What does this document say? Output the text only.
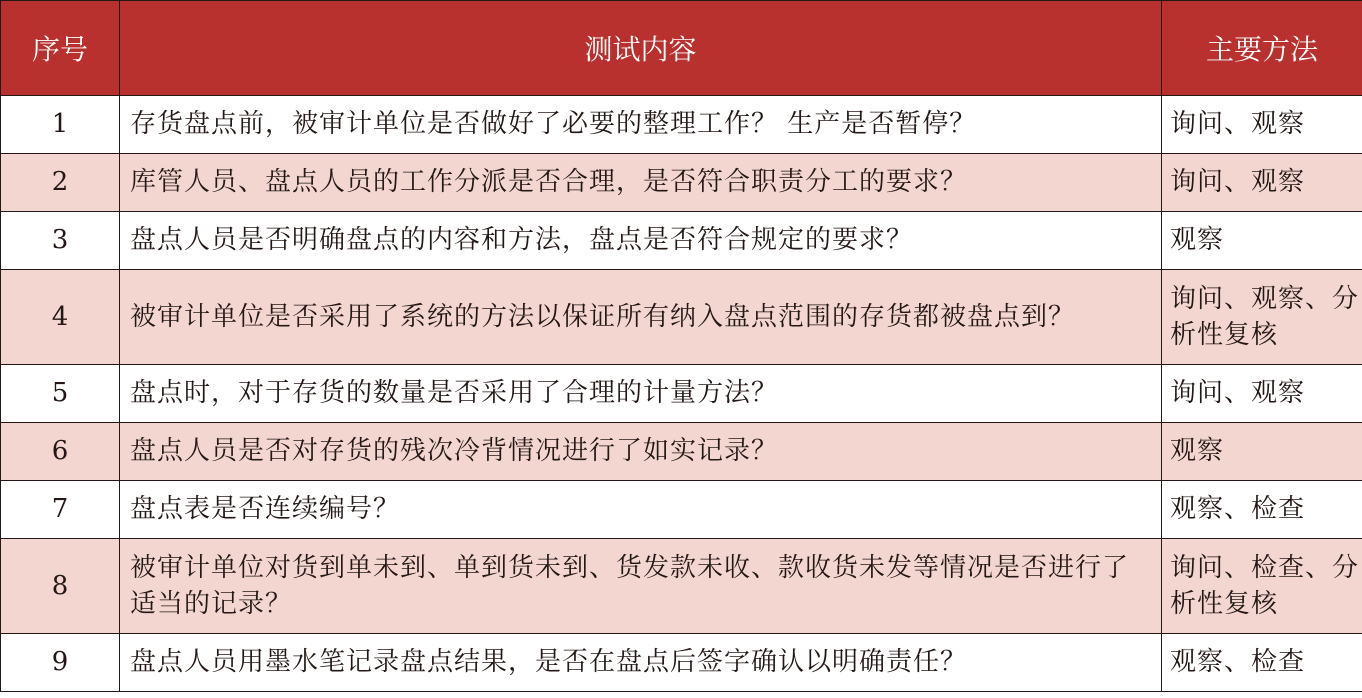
序号	测试内容	主要方法
1	存货盘点前，被审计单位是否做好了必要的整理工作？ 生产是否暂停？	询问、观察
2	库管人员、盘点人员的工作分派是否合理，是否符合职责分工的要求？	询问、观察
3	盘点人员是否明确盘点的内容和方法，盘点是否符合规定的要求？	观察
4	被审计单位是否采用了系统的方法以保证所有纳入盘点范围的存货都被盘点到？	询问、观察、分析性复核
5	盘点时，对于存货的数量是否采用了合理的计量方法？	询问、观察
6	盘点人员是否对存货的残次冷背情况进行了如实记录？	观察
7	盘点表是否连续编号？	观察、检查
8	被审计单位对货到单未到、单到货未到、货发款未收、款收货未发等情况是否进行了适当的记录？	询问、检查、分析性复核
9	盘点人员用墨水笔记录盘点结果，是否在盘点后签字确认以明确责任？	观察、检查
